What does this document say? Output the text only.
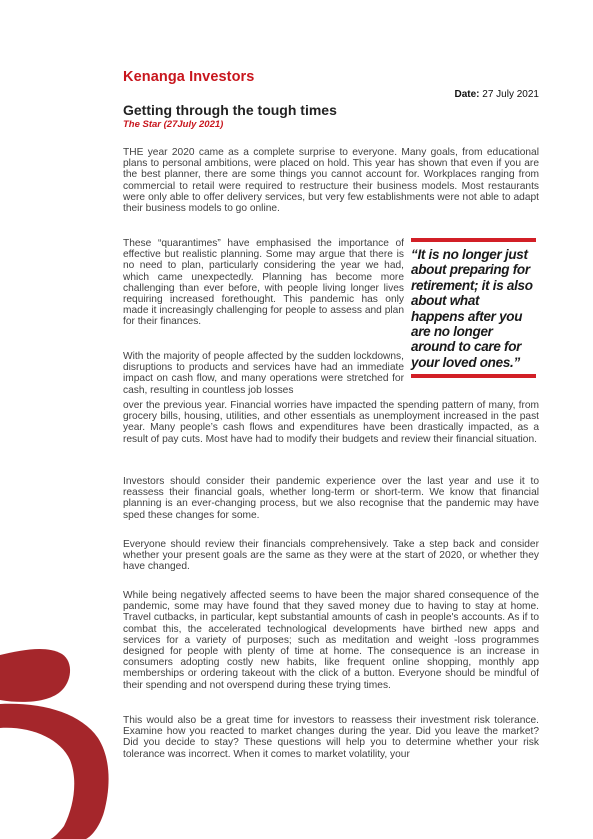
Kenanga Investors
Date: 27 July 2021
Getting through the tough times
The Star (27July 2021)

THE year 2020 came as a complete surprise to everyone. Many goals, from educational plans to personal ambitions, were placed on hold. This year has shown that even if you are the best planner, there are some things you cannot account for. Workplaces ranging from commercial to retail were required to restructure their business models. Most restaurants were only able to offer delivery services, but very few establishments were not able to adapt their business models to go online.

These “quarantimes” have emphasised the importance of effective but realistic planning. Some may argue that there is no need to plan, particularly considering the year we had, which came unexpectedly. Planning has become more challenging than ever before, with people living longer lives requiring increased forethought. This pandemic has only made it increasingly challenging for people to assess and plan for their finances.

With the majority of people affected by the sudden lockdowns, disruptions to products and services have had an immediate impact on cash flow, and many operations were stretched for cash, resulting in countless job losses

over the previous year. Financial worries have impacted the spending pattern of many, from grocery bills, housing, utilities, and other essentials as unemployment increased in the past year. Many people’s cash flows and expenditures have been drastically impacted, as a result of pay cuts. Most have had to modify their budgets and review their financial situation.

Investors should consider their pandemic experience over the last year and use it to reassess their financial goals, whether long-term or short-term. We know that financial planning is an ever-changing process, but we also recognise that the pandemic may have sped these changes for some.

Everyone should review their financials comprehensively. Take a step back and consider whether your present goals are the same as they were at the start of 2020, or whether they have changed.

While being negatively affected seems to have been the major shared consequence of the pandemic, some may have found that they saved money due to having to stay at home. Travel cutbacks, in particular, kept substantial amounts of cash in people's accounts. As if to combat this, the accelerated technological developments have birthed new apps and services for a variety of purposes; such as meditation and weight -loss programmes designed for people with plenty of time at home. The consequence is an increase in consumers adopting costly new habits, like frequent online shopping, monthly app memberships or ordering takeout with the click of a button. Everyone should be mindful of their spending and not overspend during these trying times.

This would also be a great time for investors to reassess their investment risk tolerance. Examine how you reacted to market changes during the year. Did you leave the market? Did you decide to stay? These questions will help you to determine whether your risk tolerance was incorrect. When it comes to market volatility, your

“It is no longer just about preparing for retirement; it is also about what happens after you are no longer around to care for your loved ones.”
